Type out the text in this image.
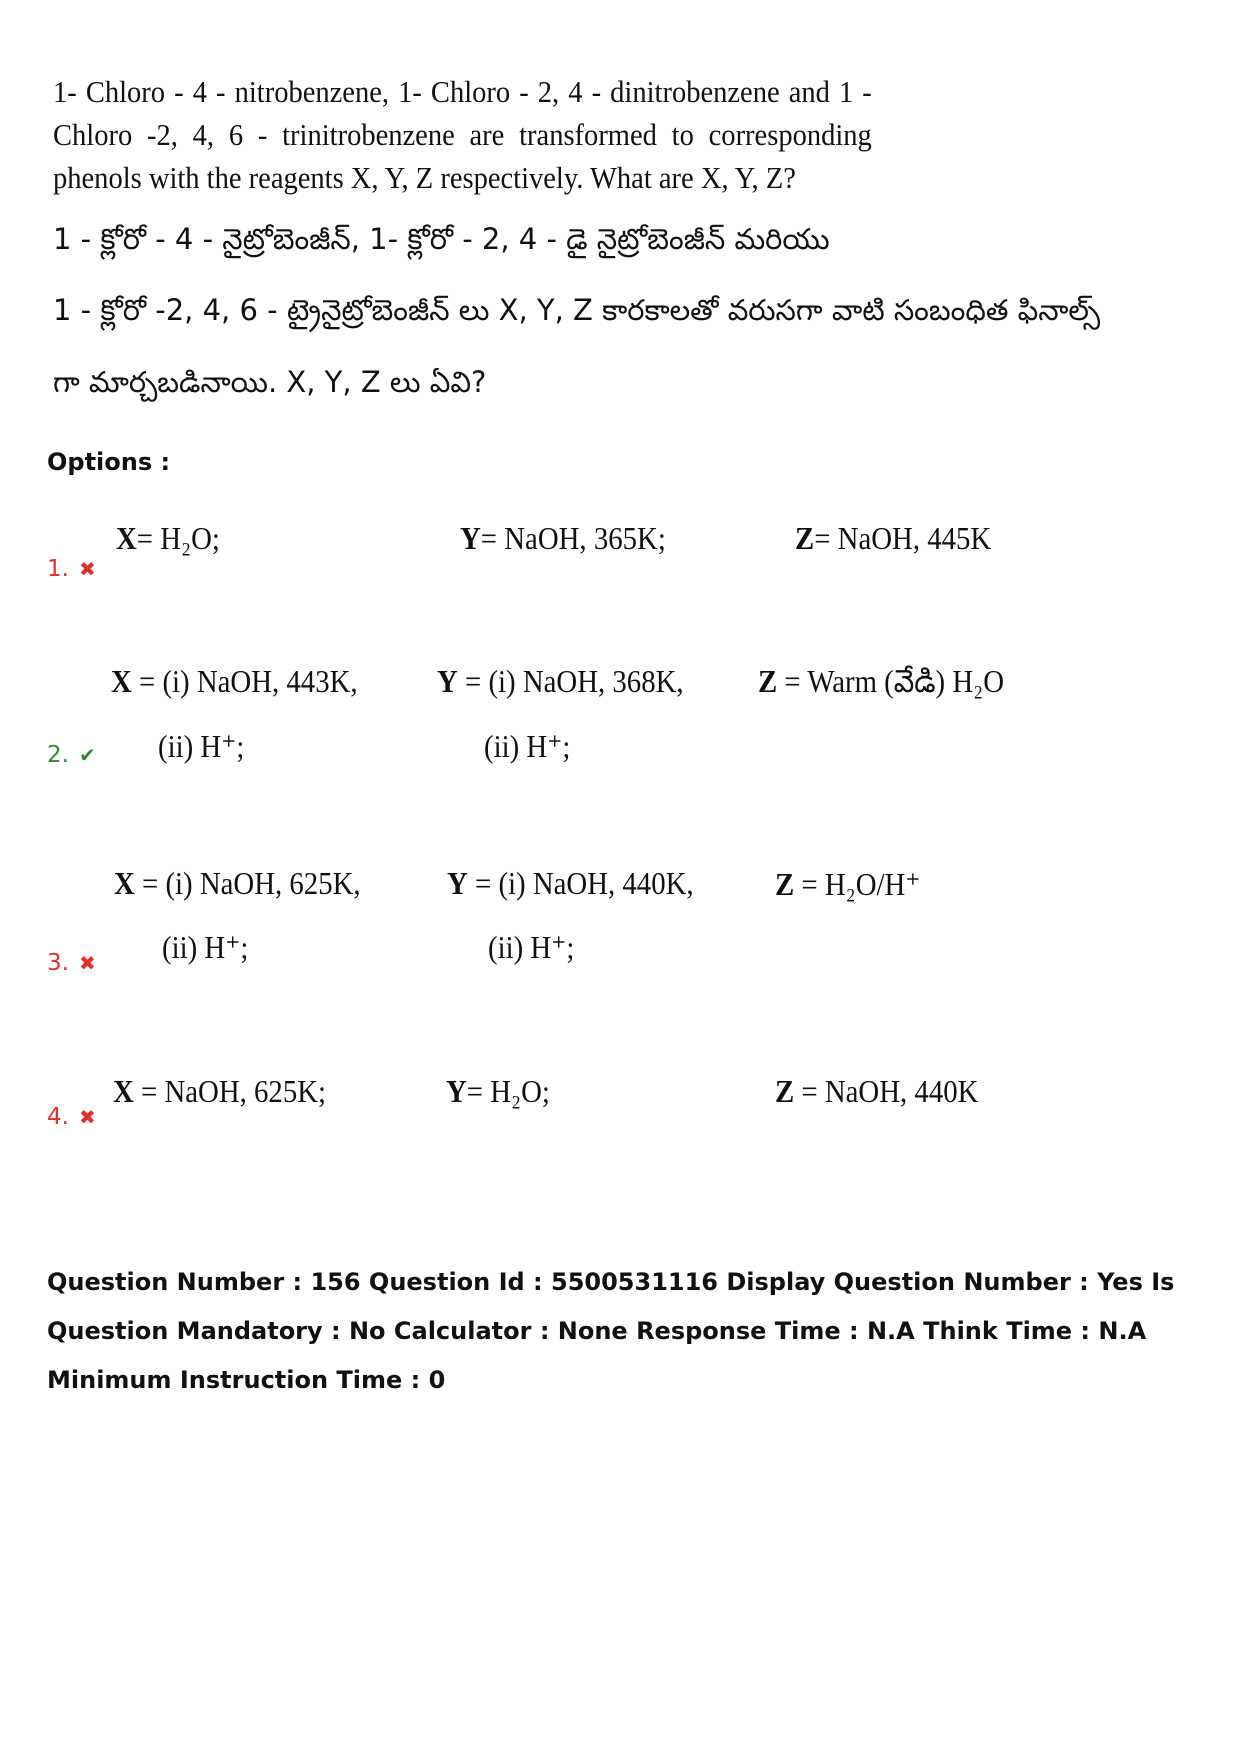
1- Chloro - 4 - nitrobenzene, 1- Chloro - 2, 4 - dinitrobenzene and 1 - Chloro -2, 4, 6 - trinitrobenzene are transformed to corresponding phenols with the reagents X, Y, Z respectively. What are X, Y, Z?
1 - క్లోరో - 4 - నైట్రోబెంజీన్, 1- క్లోరో - 2, 4 - డై నైట్రోబెంజీన్ మరియు
1 - క్లోరో -2, 4, 6 - ట్రైనైట్రోబెంజీన్ లు X, Y, Z కారకాలతో వరుసగా వాటి సంబంధిత ఫినాల్స్
గా మార్చబడినాయి. X, Y, Z లు ఏవి?
Options :
1. ✖
X= H₂O;	Y= NaOH, 365K;	Z= NaOH, 445K
2. ✔
X = (i) NaOH, 443K,
(ii) H⁺;
Y = (i) NaOH, 368K,
(ii) H⁺;
Z = Warm (వేడి) H₂O
3. ✖
X = (i) NaOH, 625K,
(ii) H⁺;
Y = (i) NaOH, 440K,
(ii) H⁺;
Z = H₂O/H⁺
4. ✖
X = NaOH, 625K;	Y= H₂O;	Z = NaOH, 440K
Question Number : 156 Question Id : 5500531116 Display Question Number : Yes Is Question Mandatory : No Calculator : None Response Time : N.A Think Time : N.A Minimum Instruction Time : 0
